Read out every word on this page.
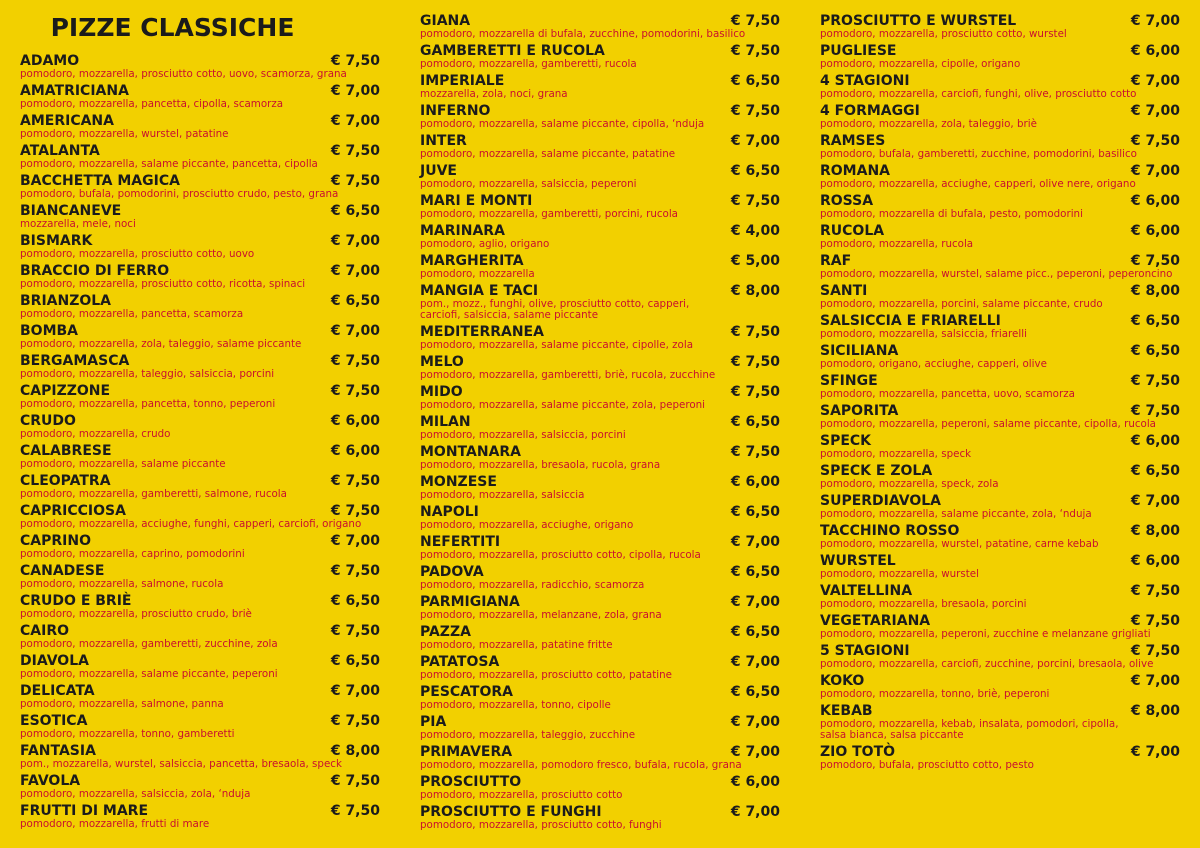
PIZZE CLASSICHE
ADAMO	€ 7,50
pomodoro, mozzarella, prosciutto cotto, uovo, scamorza, grana
AMATRICIANA	€ 7,00
pomodoro, mozzarella, pancetta, cipolla, scamorza
AMERICANA	€ 7,00
pomodoro, mozzarella, wurstel, patatine
ATALANTA	€ 7,50
pomodoro, mozzarella, salame piccante, pancetta, cipolla
BACCHETTA MAGICA	€ 7,50
pomodoro, bufala, pomodorini, prosciutto crudo, pesto, grana
BIANCANEVE	€ 6,50
mozzarella, mele, noci
BISMARK	€ 7,00
pomodoro, mozzarella, prosciutto cotto, uovo
BRACCIO DI FERRO	€ 7,00
pomodoro, mozzarella, prosciutto cotto, ricotta, spinaci
BRIANZOLA	€ 6,50
pomodoro, mozzarella, pancetta, scamorza
BOMBA	€ 7,00
pomodoro, mozzarella, zola, taleggio, salame piccante
BERGAMASCA	€ 7,50
pomodoro, mozzarella, taleggio, salsiccia, porcini
CAPIZZONE	€ 7,50
pomodoro, mozzarella, pancetta, tonno, peperoni
CRUDO	€ 6,00
pomodoro, mozzarella, crudo
CALABRESE	€ 6,00
pomodoro, mozzarella, salame piccante
CLEOPATRA	€ 7,50
pomodoro, mozzarella, gamberetti, salmone, rucola
CAPRICCIOSA	€ 7,50
pomodoro, mozzarella, acciughe, funghi, capperi, carciofi, origano
CAPRINO	€ 7,00
pomodoro, mozzarella, caprino, pomodorini
CANADESE	€ 7,50
pomodoro, mozzarella, salmone, rucola
CRUDO E BRIÈ	€ 6,50
pomodoro, mozzarella, prosciutto crudo, briè
CAIRO	€ 7,50
pomodoro, mozzarella, gamberetti, zucchine, zola
DIAVOLA	€ 6,50
pomodoro, mozzarella, salame piccante, peperoni
DELICATA	€ 7,00
pomodoro, mozzarella, salmone, panna
ESOTICA	€ 7,50
pomodoro, mozzarella, tonno, gamberetti
FANTASIA	€ 8,00
pom., mozzarella, wurstel, salsiccia, pancetta, bresaola, speck
FAVOLA	€ 7,50
pomodoro, mozzarella, salsiccia, zola, ‘nduja
FRUTTI DI MARE	€ 7,50
pomodoro, mozzarella, frutti di mare
GIANA	€ 7,50
pomodoro, mozzarella di bufala, zucchine, pomodorini, basilico
GAMBERETTI E RUCOLA	€ 7,50
pomodoro, mozzarella, gamberetti, rucola
IMPERIALE	€ 6,50
mozzarella, zola, noci, grana
INFERNO	€ 7,50
pomodoro, mozzarella, salame piccante, cipolla, ‘nduja
INTER	€ 7,00
pomodoro, mozzarella, salame piccante, patatine
JUVE	€ 6,50
pomodoro, mozzarella, salsiccia, peperoni
MARI E MONTI	€ 7,50
pomodoro, mozzarella, gamberetti, porcini, rucola
MARINARA	€ 4,00
pomodoro, aglio, origano
MARGHERITA	€ 5,00
pomodoro, mozzarella
MANGIA E TACI	€ 8,00
pom., mozz., funghi, olive, prosciutto cotto, capperi, carciofi, salsiccia, salame piccante
MEDITERRANEA	€ 7,50
pomodoro, mozzarella, salame piccante, cipolle, zola
MELO	€ 7,50
pomodoro, mozzarella, gamberetti, briè, rucola, zucchine
MIDO	€ 7,50
pomodoro, mozzarella, salame piccante, zola, peperoni
MILAN	€ 6,50
pomodoro, mozzarella, salsiccia, porcini
MONTANARA	€ 7,50
pomodoro, mozzarella, bresaola, rucola, grana
MONZESE	€ 6,00
pomodoro, mozzarella, salsiccia
NAPOLI	€ 6,50
pomodoro, mozzarella, acciughe, origano
NEFERTITI	€ 7,00
pomodoro, mozzarella, prosciutto cotto, cipolla, rucola
PADOVA	€ 6,50
pomodoro, mozzarella, radicchio, scamorza
PARMIGIANA	€ 7,00
pomodoro, mozzarella, melanzane, zola, grana
PAZZA	€ 6,50
pomodoro, mozzarella, patatine fritte
PATATOSA	€ 7,00
pomodoro, mozzarella, prosciutto cotto, patatine
PESCATORA	€ 6,50
pomodoro, mozzarella, tonno, cipolle
PIA	€ 7,00
pomodoro, mozzarella, taleggio, zucchine
PRIMAVERA	€ 7,00
pomodoro, mozzarella, pomodoro fresco, bufala, rucola, grana
PROSCIUTTO	€ 6,00
pomodoro, mozzarella, prosciutto cotto
PROSCIUTTO E FUNGHI	€ 7,00
pomodoro, mozzarella, prosciutto cotto, funghi
PROSCIUTTO E WURSTEL	€ 7,00
pomodoro, mozzarella, prosciutto cotto, wurstel
PUGLIESE	€ 6,00
pomodoro, mozzarella, cipolle, origano
4 STAGIONI	€ 7,00
pomodoro, mozzarella, carciofi, funghi, olive, prosciutto cotto
4 FORMAGGI	€ 7,00
pomodoro, mozzarella, zola, taleggio, briè
RAMSES	€ 7,50
pomodoro, bufala, gamberetti, zucchine, pomodorini, basilico
ROMANA	€ 7,00
pomodoro, mozzarella, acciughe, capperi, olive nere, origano
ROSSA	€ 6,00
pomodoro, mozzarella di bufala, pesto, pomodorini
RUCOLA	€ 6,00
pomodoro, mozzarella, rucola
RAF	€ 7,50
pomodoro, mozzarella, wurstel, salame picc., peperoni, peperoncino
SANTI	€ 8,00
pomodoro, mozzarella, porcini, salame piccante, crudo
SALSICCIA E FRIARELLI	€ 6,50
pomodoro, mozzarella, salsiccia, friarelli
SICILIANA	€ 6,50
pomodoro, origano, acciughe, capperi, olive
SFINGE	€ 7,50
pomodoro, mozzarella, pancetta, uovo, scamorza
SAPORITA	€ 7,50
pomodoro, mozzarella, peperoni, salame piccante, cipolla, rucola
SPECK	€ 6,00
pomodoro, mozzarella, speck
SPECK E ZOLA	€ 6,50
pomodoro, mozzarella, speck, zola
SUPERDIAVOLA	€ 7,00
pomodoro, mozzarella, salame piccante, zola, ‘nduja
TACCHINO ROSSO	€ 8,00
pomodoro, mozzarella, wurstel, patatine, carne kebab
WURSTEL	€ 6,00
pomodoro, mozzarella, wurstel
VALTELLINA	€ 7,50
pomodoro, mozzarella, bresaola, porcini
VEGETARIANA	€ 7,50
pomodoro, mozzarella, peperoni, zucchine e melanzane grigliati
5 STAGIONI	€ 7,50
pomodoro, mozzarella, carciofi, zucchine, porcini, bresaola, olive
KOKO	€ 7,00
pomodoro, mozzarella, tonno, briè, peperoni
KEBAB	€ 8,00
pomodoro, mozzarella, kebab, insalata, pomodori, cipolla, salsa bianca, salsa piccante
ZIO TOTÒ	€ 7,00
pomodoro, bufala, prosciutto cotto, pesto
